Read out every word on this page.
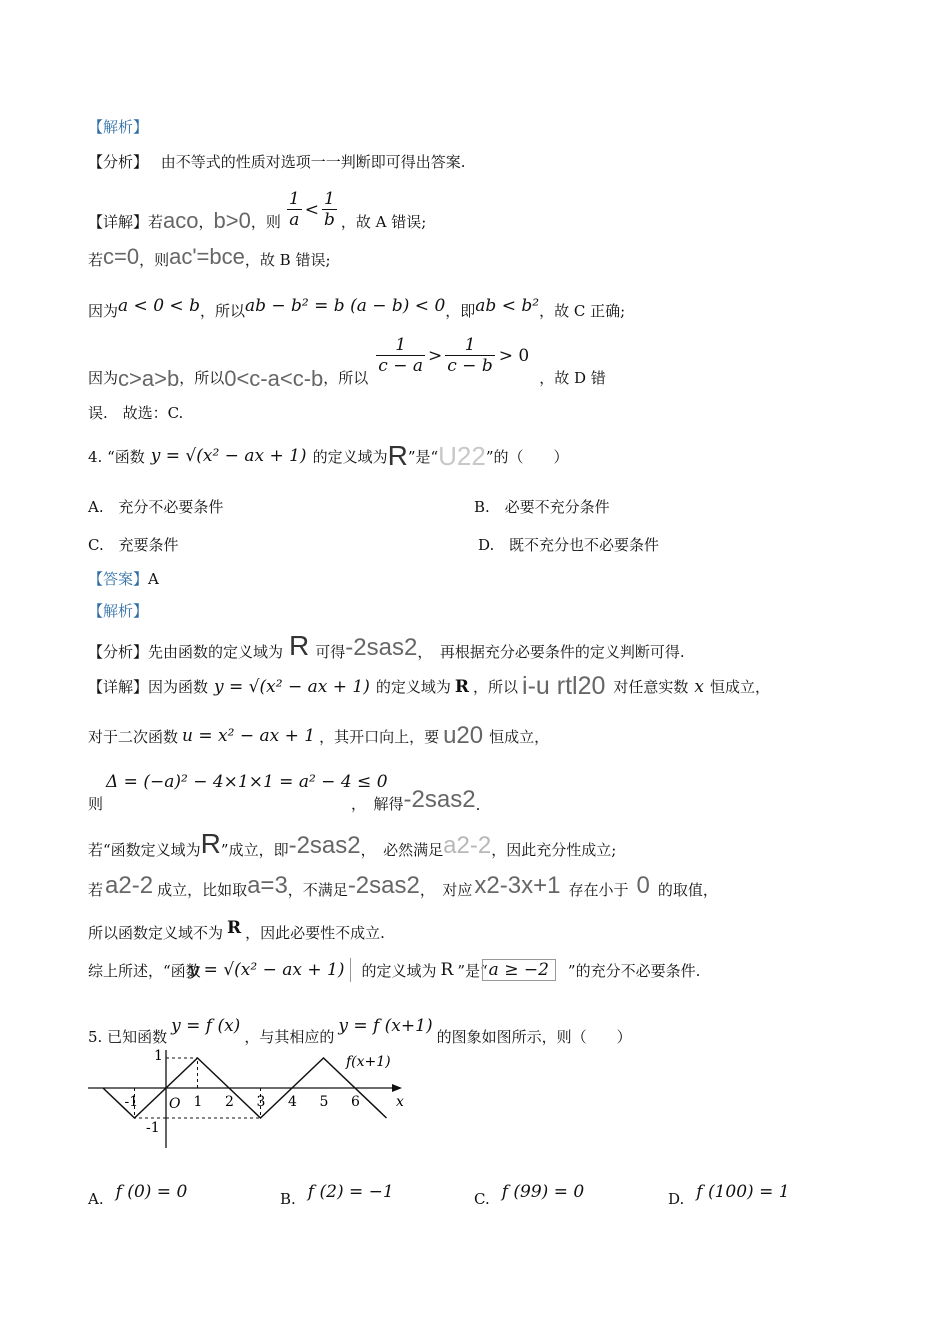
【解析】
【分析】 由不等式的性质对选项一一判断即可得出答案.
【详解】 若 aco ， b>0 ，则 $\frac{1}{a} < \frac{1}{b}$ ，故 A 错误;
若 c=0 ，则 ac'=bce ，故 B 错误;
因为 a < 0 < b ，所以 ab − b² = b (a − b) < 0 ，即 ab < b² ，故 C 正确;
因为 c>a>b ，所以 0<c-a<c-b ，所以
$\frac{1}{c - a} > \frac{1}{c - b} > 0$
，故 D 错
误. 故选：C.
4. “函数 y = √(x² − ax + 1) 的定义域为 R ”是“ U22 ”的（　　）
A. 充分不必要条件	B. 必要不充分条件
C. 充要条件	D. 既不充分也不必要条件
【答案】A
【解析】
【分析】 先由函数的定义域为 R 可得 -2sas2 ，　再根据充分必要条件的定义判断可得.
【详解】 因为函数 y = √(x² − ax + 1) 的定义域为 R ，所以 i-u rtl20 对任意实数 x 恒成立，
对于二次函数 u = x² − ax + 1 ，其开口向上，要 u20 恒成立，
Δ = (−a)² − 4×1×1 = a² − 4 ≤ 0
则	，　解得 -2sas2 .
若“函数定义域为 R ”成立，即 -2sas2 ，　必然满足 a2-2 ，因此充分性成立;
若 a2-2 成立，比如取 a=3 ，不满足 -2sas2 ，　对应 x2-3x+1 存在小于 0 的取值，
所以函数定义域不为 R ，因此必要性不成立.
综上所述，“函数
y = √(x² − ax + 1)	的定义域为 R ”是“ a ≥ −2	”的充分不必要条件.
5. 已知函数
y = f (x)
，与其相应的
y = f (x+1)
的图象如图所示，则（　　）
-1	1 2 3 4 5 6
1
-1
O	x
f(x+1)
A. f (0) = 0	B. f (2) = −1	C. f (99) = 0	D. f (100) = 1
